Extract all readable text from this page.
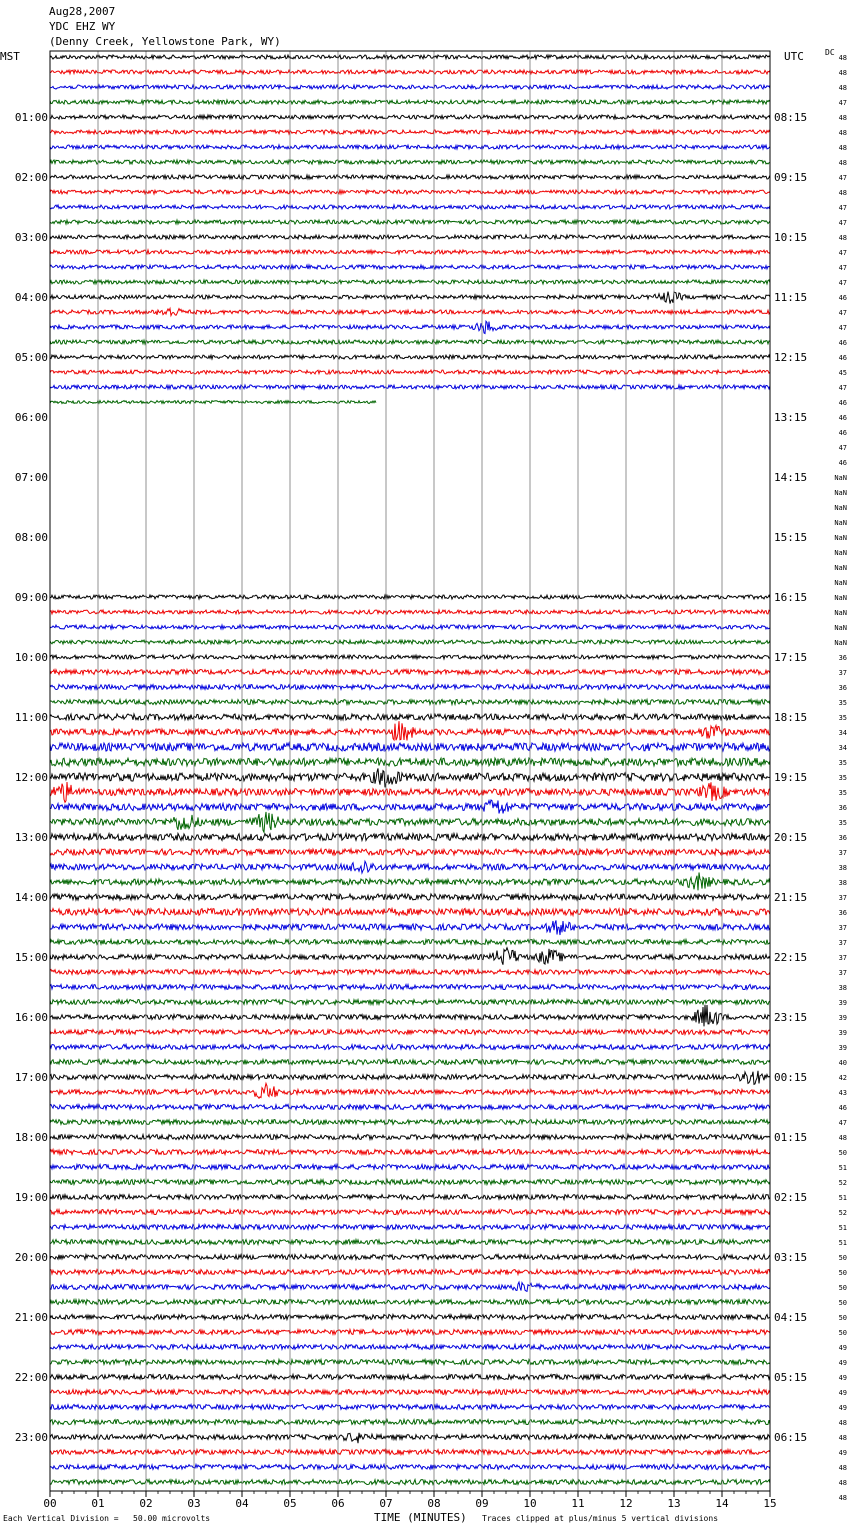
Aug28,2007
YDC EHZ WY
(Denny Creek, Yellowstone Park, WY)
MST	UTC	DC
48
48
48
47
48
48
48
48
47
48
47
47
48
47
47
47
46
47
47
46
46
45
47
46
46
46
47
46
NaN
NaN
NaN
NaN
NaN
NaN
NaN
NaN
NaN
NaN
NaN
NaN
36
37
36
35
35
34
34
35
35
35
36
35
36
37
38
38
37
36
37
37
37
37
38
39
39
39
39
40
42
43
46
47
48
50
51
52
51
52
51
51
50
50
50
50
50
50
49
49
49
49
49
48
48
49
48
48
48
01:00
02:00
03:00
04:00
05:00
06:00
07:00
08:00
09:00
10:00
11:00
12:00
13:00
14:00
15:00
16:00
17:00
18:00
19:00
20:00
21:00
22:00
23:00
08:15
09:15
10:15
11:15
12:15
13:15
14:15
15:15
16:15
17:15
18:15
19:15
20:15
21:15
22:15
23:15
00:15
01:15
02:15
03:15
04:15
05:15
06:15
00	01	02	03	04	05	06	07	08	09	10	11	12	13	14	15
Each Vertical Division =   50.00 microvolts	TIME (MINUTES) Traces clipped at plus/minus 5 vertical divisions
